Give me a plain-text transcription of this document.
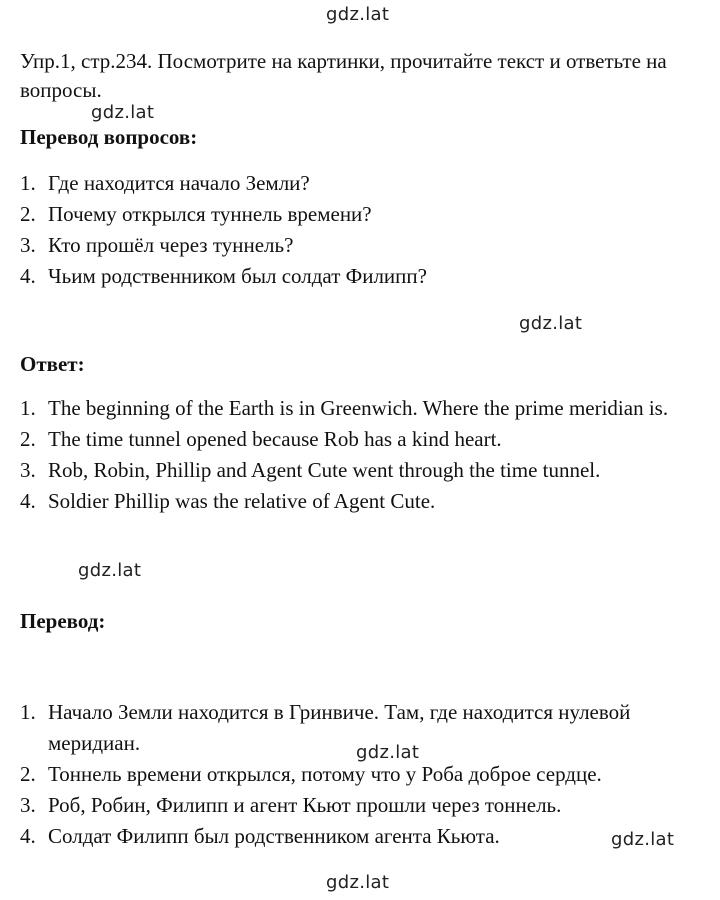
gdz.lat
gdz.lat
gdz.lat
gdz.lat
gdz.lat
gdz.lat
gdz.lat

Упр.1, стр.234. Посмотрите на картинки, прочитайте текст и ответьте на вопросы.

Перевод вопросов:

1. Где находится начало Земли?
2. Почему открылся туннель времени?
3. Кто прошёл через туннель?
4. Чьим родственником был солдат Филипп?

Ответ:

1. The beginning of the Earth is in Greenwich. Where the prime meridian is.
2. The time tunnel opened because Rob has a kind heart.
3. Rob, Robin, Phillip and Agent Cute went through the time tunnel.
4. Soldier Phillip was the relative of Agent Cute.

Перевод:

1. Начало Земли находится в Гринвиче. Там, где находится нулевой меридиан.
2. Тоннель времени открылся, потому что у Роба доброе сердце.
3. Роб, Робин, Филипп и агент Кьют прошли через тоннель.
4. Солдат Филипп был родственником агента Кьюта.
